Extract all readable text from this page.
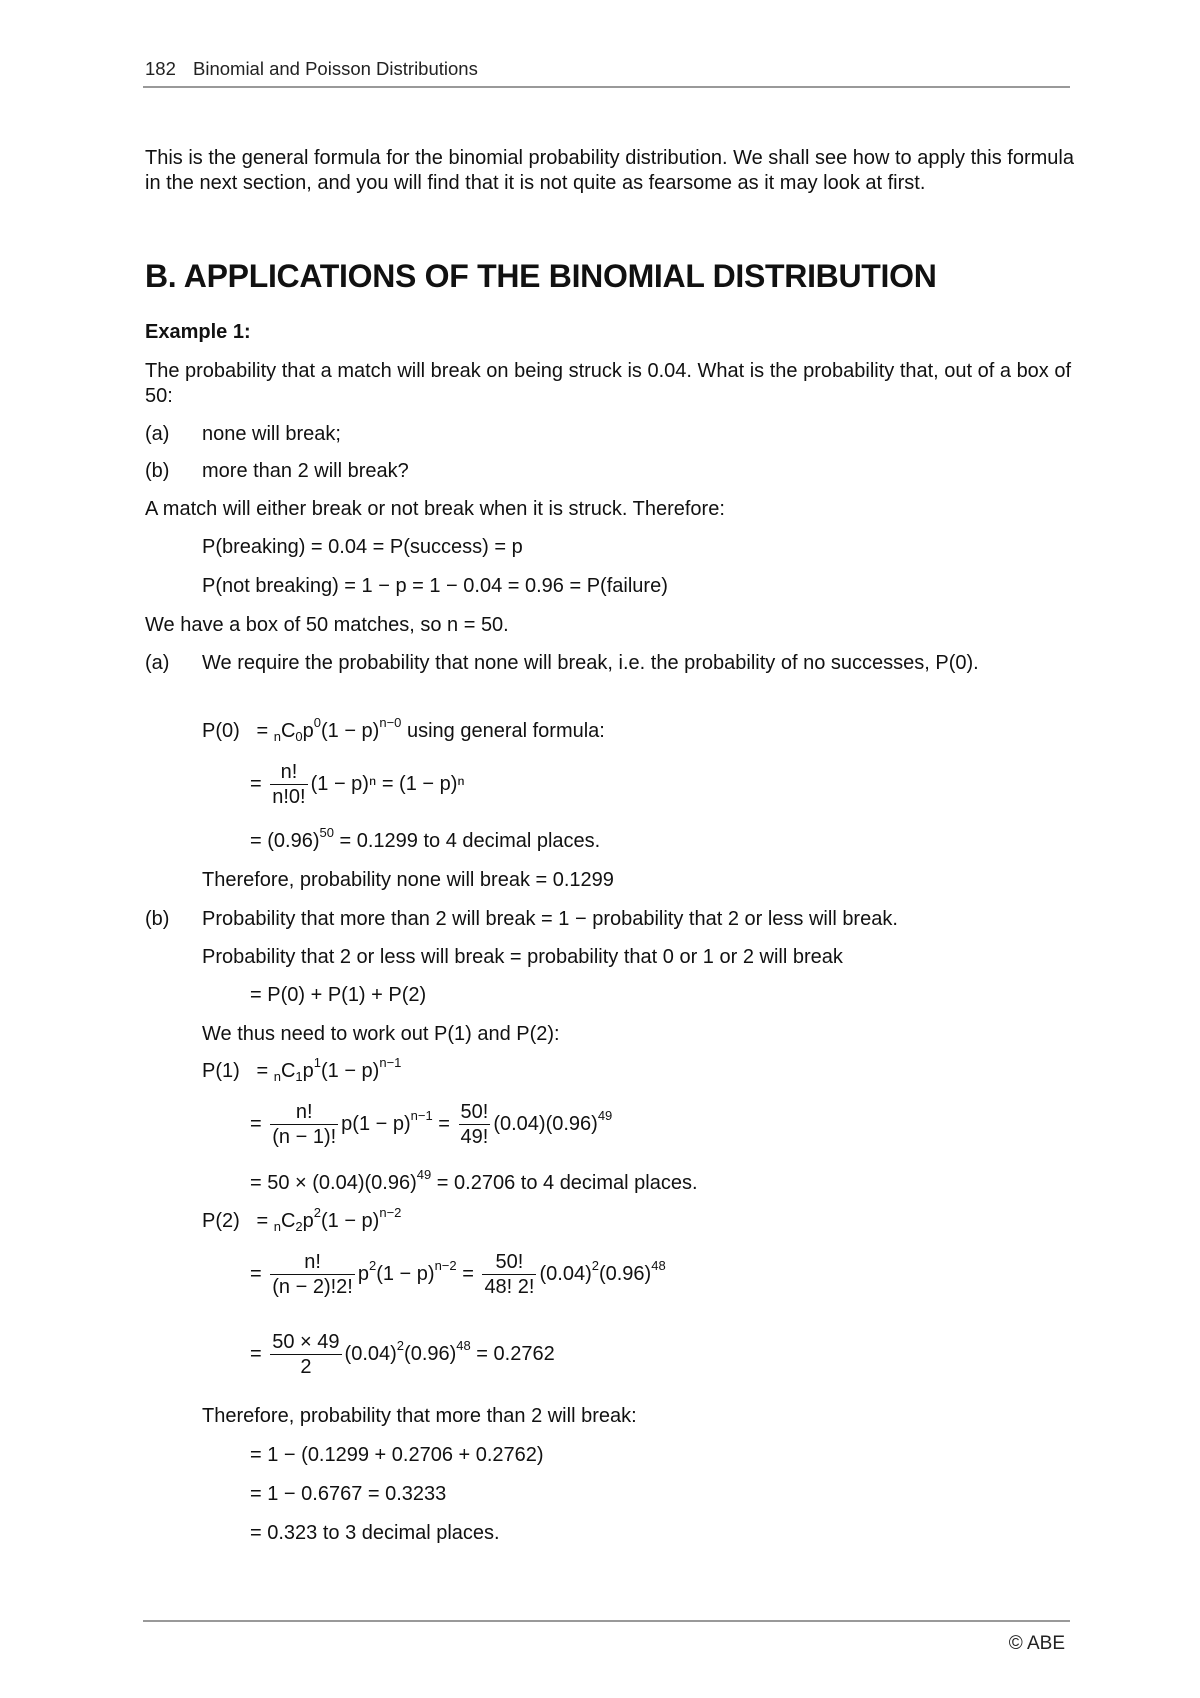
182 Binomial and Poisson Distributions
This is the general formula for the binomial probability distribution. We shall see how to apply this formula in the next section, and you will find that it is not quite as fearsome as it may look at first.
B. APPLICATIONS OF THE BINOMIAL DISTRIBUTION
Example 1:
The probability that a match will break on being struck is 0.04. What is the probability that, out of a box of 50:
(a) none will break;
(b) more than 2 will break?
A match will either break or not break when it is struck. Therefore:
P(breaking) = 0.04 = P(success) = p
P(not breaking) = 1 − p = 1 − 0.04 = 0.96 = P(failure)
We have a box of 50 matches, so n = 50.
(a) We require the probability that none will break, i.e. the probability of no successes, P(0).
P(0) = $_n$ $C_0$ $p^0$ $(1 - p)^{n-0}$
using general formula:
= $\frac{n!}{n!0!} (1 - p)^n = (1 - p)^n$
= $(0.96)^{50} = 0.1299$ to 4 decimal places.
Therefore, probability none will break = 0.1299
(b) Probability that more than 2 will break = 1 − probability that 2 or less will break.
Probability that 2 or less will break = probability that 0 or 1 or 2 will break
= P(0) + P(1) + P(2)
We thus need to work out P(1) and P(2):
P(1) = $_n$ $C_1$ $p^1$ $(1 - p)^{n-1}$
= $\frac{n!}{(n - 1)!} p(1 - p)^{n-1} = \frac{50!}{49!} (0.04)(0.96)^{49}$
= $50 \times (0.04)(0.96)^{49} = 0.2706$ to 4 decimal places.
P(2) = $_n$ $C_2$ $p^2$ $(1 - p)^{n-2}$
= $\frac{n!}{(n - 2)!2!} p^2$ $(1 - p)^{n-2} = \frac{50!}{48! 2!} (0.04)^2$ $(0.96)^{48}$
= $\frac{50 \times 49}{2} (0.04)^2$ $(0.96)^{48} = 0.2762$
Therefore, probability that more than 2 will break:
= 1 − (0.1299 + 0.2706 + 0.2762)
= 1 − 0.6767 = 0.3233
= 0.323 to 3 decimal places.
© ABE
